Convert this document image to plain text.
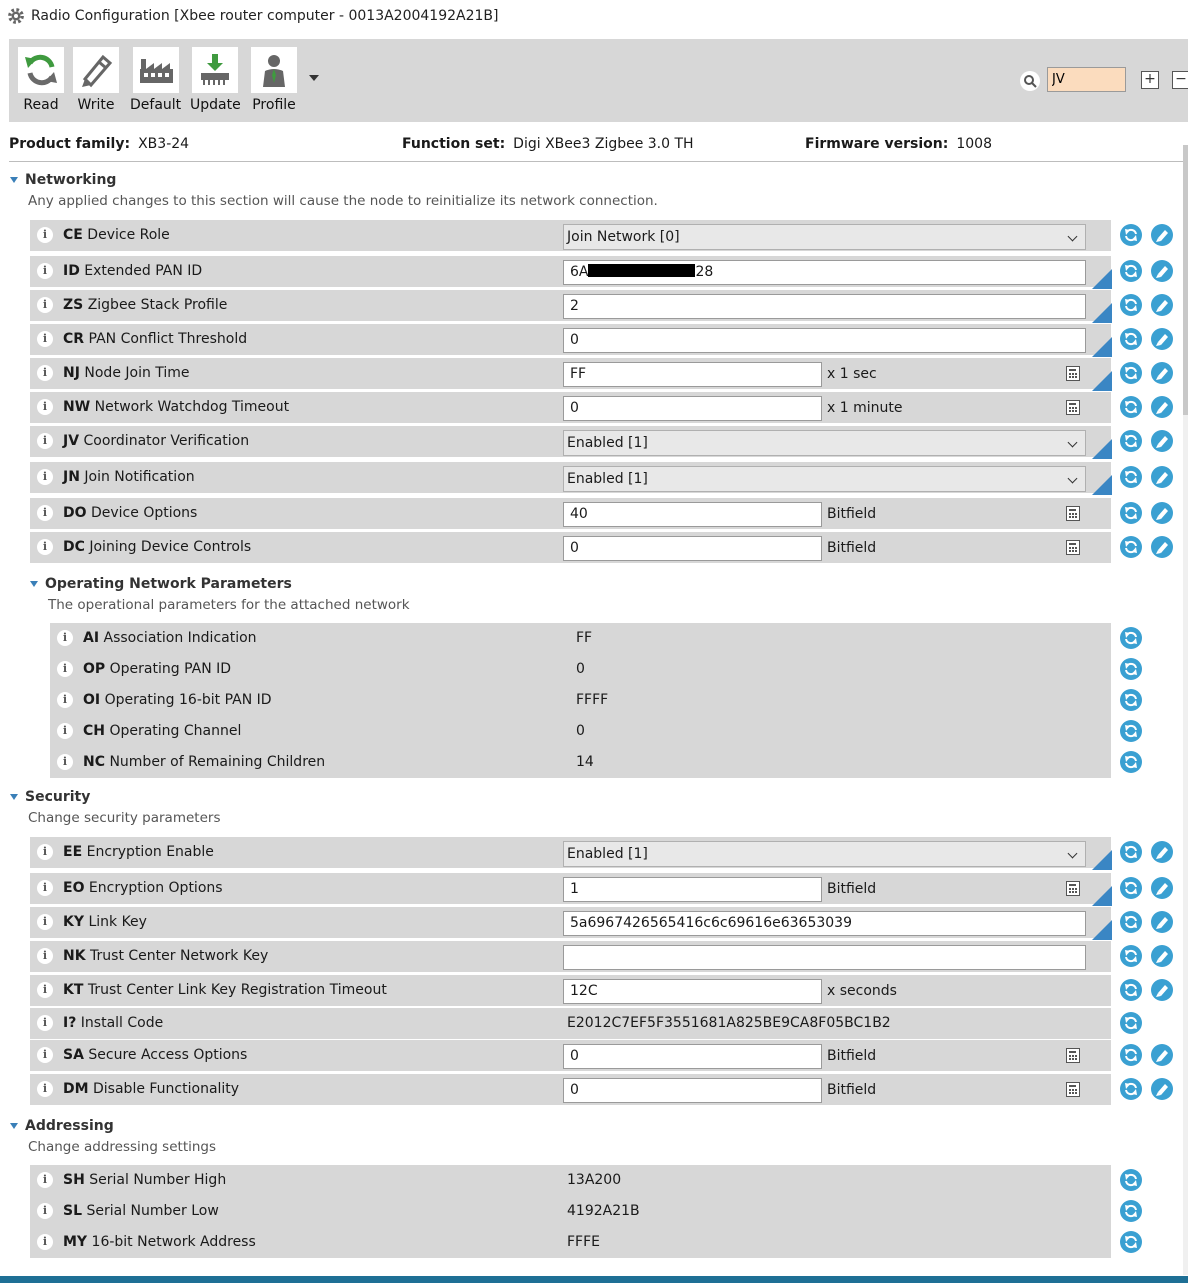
Radio Configuration [Xbee router computer - 0013A2004192A21B]
Read Write Default Update Profile
JV
+ −
Product family: XB3-24	Function set: Digi XBee3 Zigbee 3.0 TH	Firmware version: 1008
Networking
Any applied changes to this section will cause the node to reinitialize its network connection.
Operating Network Parameters
The operational parameters for the attached network
Security
Change security parameters
Addressing
Change addressing settings
i	CE Device Role	Join Network [0]
i	ID Extended PAN ID	6A	28
i	ZS Zigbee Stack Profile	2
i	CR PAN Conflict Threshold	0
i	NJ Node Join Time	FF	x 1 sec
i	NW Network Watchdog Timeout	0	x 1 minute
i	JV Coordinator Verification	Enabled [1]
i	JN Join Notification	Enabled [1]
i	DO Device Options	40	Bitfield
i	DC Joining Device Controls	0	Bitfield
i	AI Association Indication	FF
i	OP Operating PAN ID	0
i	OI Operating 16-bit PAN ID	FFFF
i	CH Operating Channel	0
i	NC Number of Remaining Children	14
i	EE Encryption Enable	Enabled [1]
i	EO Encryption Options	1	Bitfield
i	KY Link Key	5a6967426565416c6c69616e63653039
i	NK Trust Center Network Key
i	KT Trust Center Link Key Registration Timeout	12C	x seconds
i	I? Install Code	E2012C7EF5F3551681A825BE9CA8F05BC1B2
i	SA Secure Access Options	0	Bitfield
i	DM Disable Functionality	0	Bitfield
i	SH Serial Number High	13A200
i	SL Serial Number Low	4192A21B
i	MY 16-bit Network Address	FFFE
